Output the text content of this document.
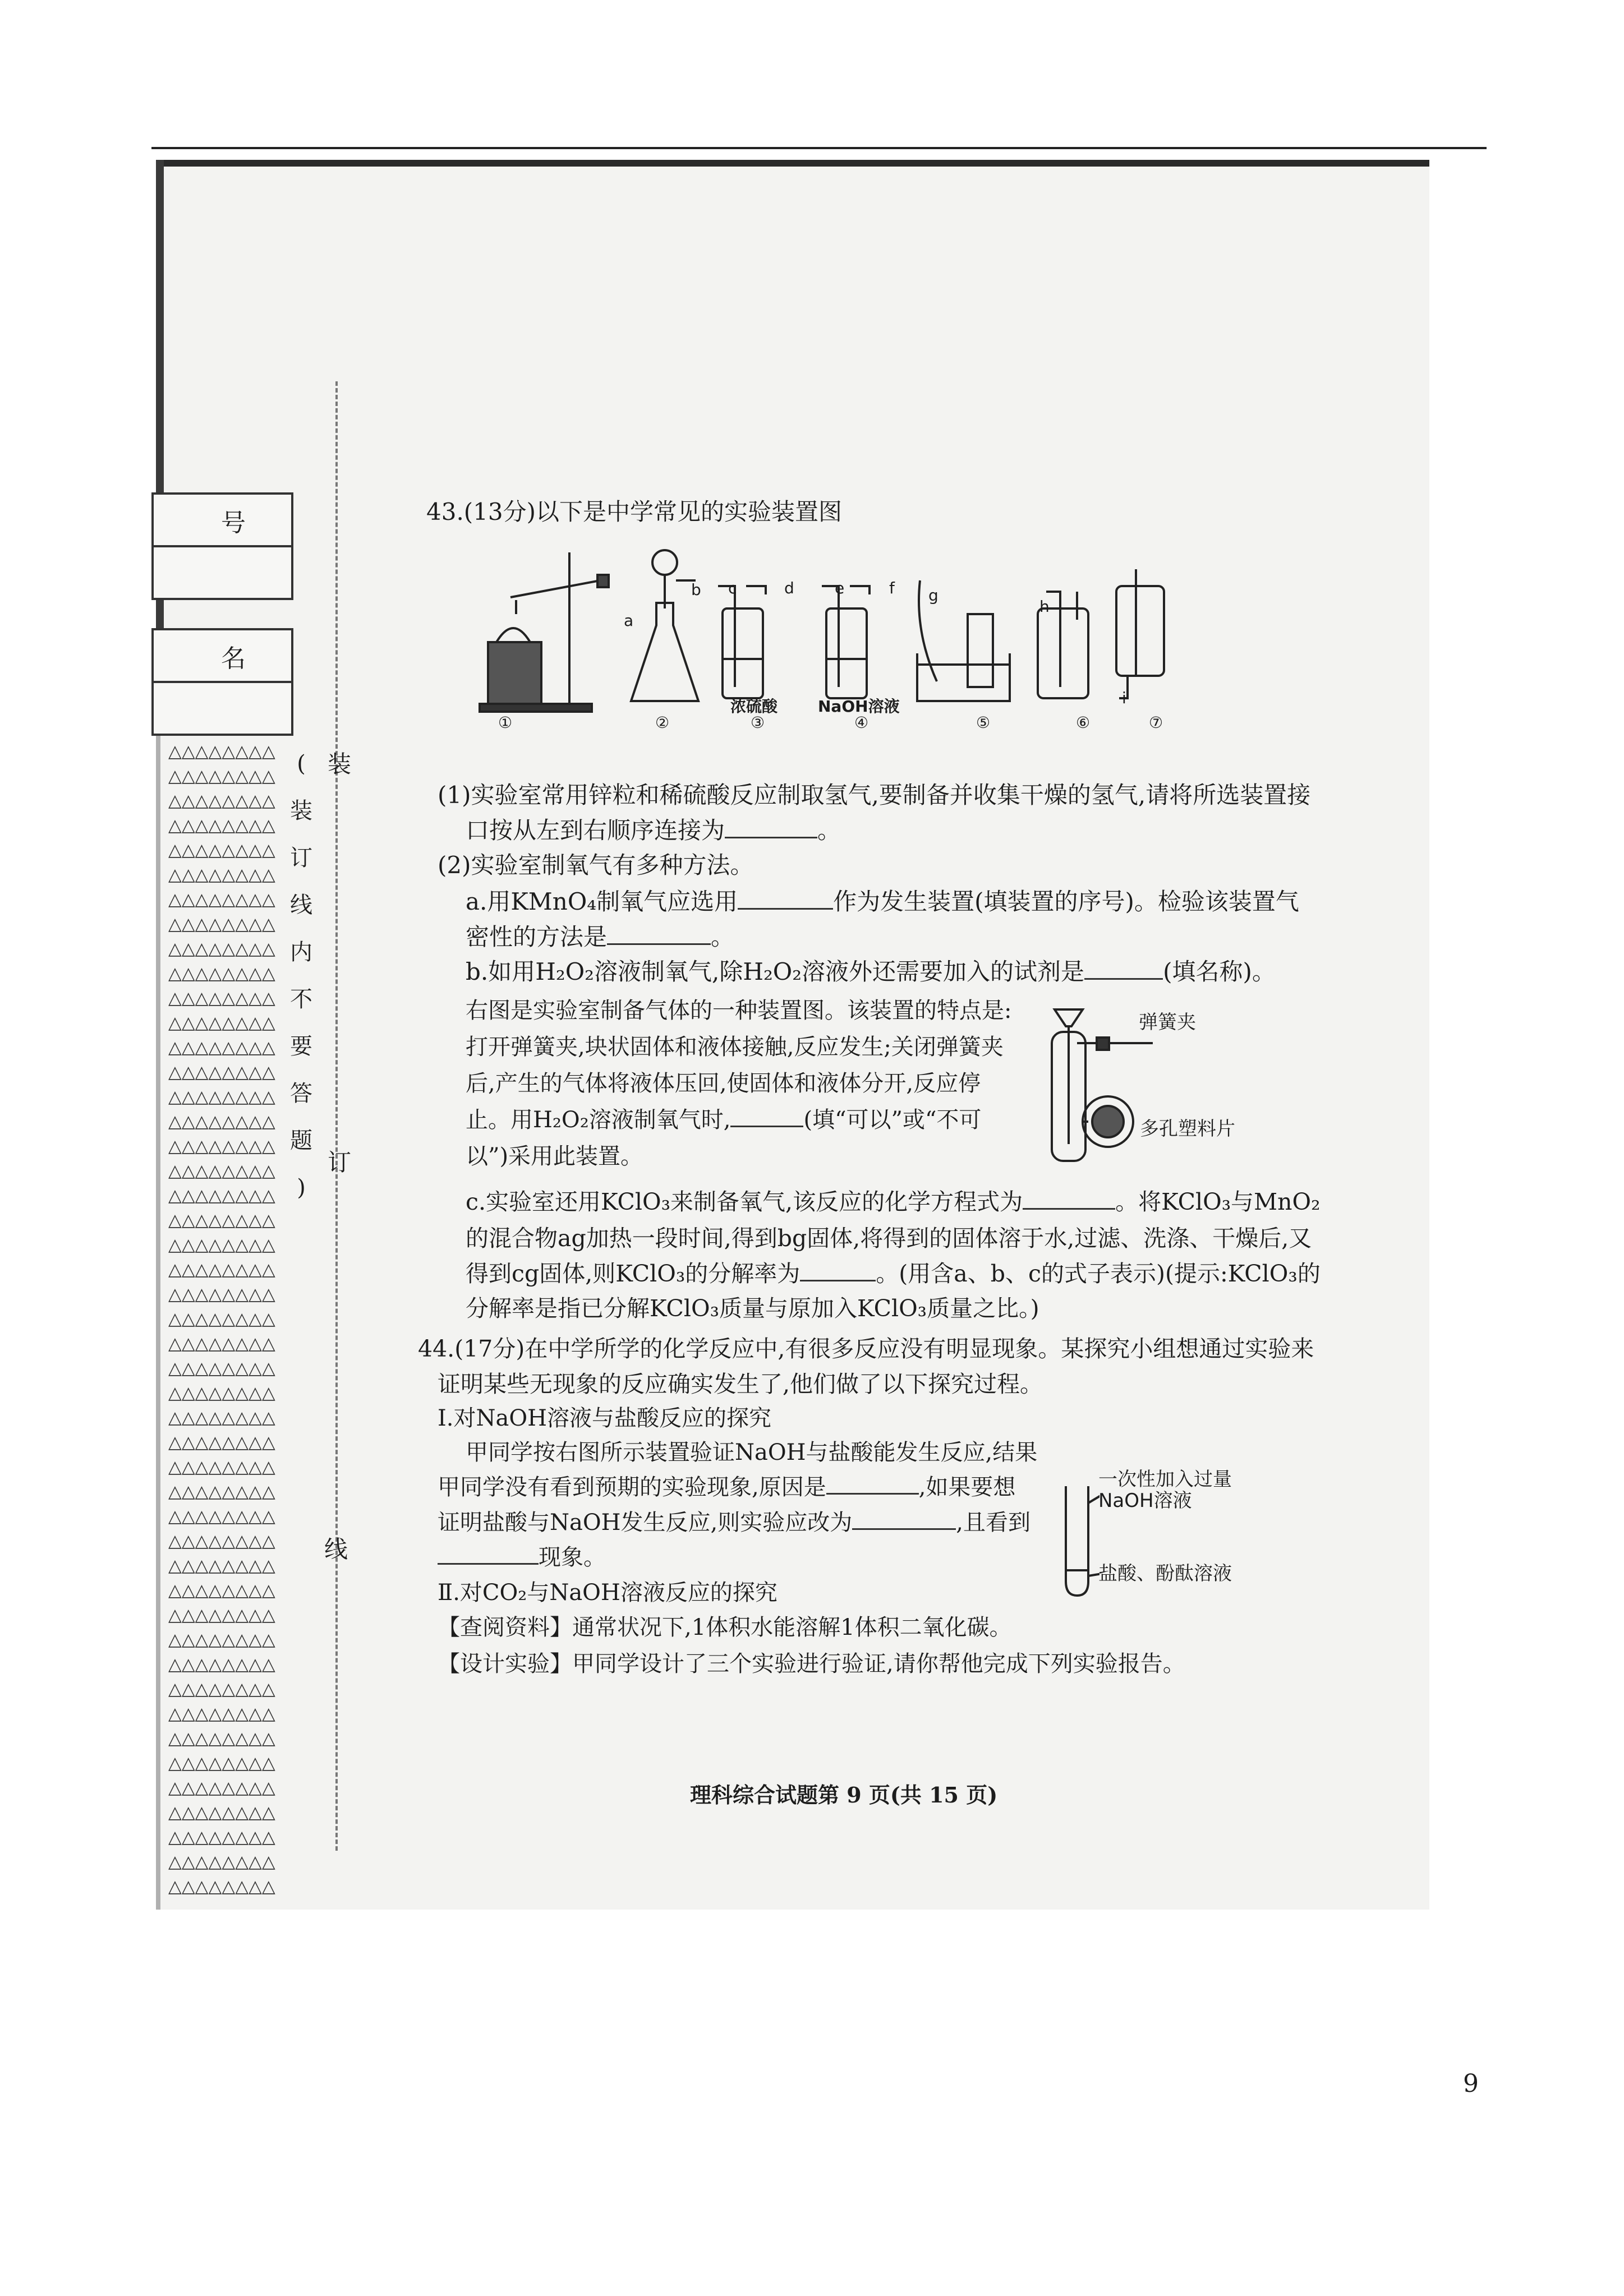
号
名
△△△△△△△△
△△△△△△△△
△△△△△△△△
△△△△△△△△
△△△△△△△△
△△△△△△△△
△△△△△△△△
△△△△△△△△
△△△△△△△△
△△△△△△△△
△△△△△△△△
△△△△△△△△
△△△△△△△△
△△△△△△△△
△△△△△△△△
△△△△△△△△
△△△△△△△△
△△△△△△△△
△△△△△△△△
△△△△△△△△
△△△△△△△△
△△△△△△△△
△△△△△△△△
△△△△△△△△
△△△△△△△△
△△△△△△△△
△△△△△△△△
△△△△△△△△
△△△△△△△△
△△△△△△△△
△△△△△△△△
△△△△△△△△
△△△△△△△△
△△△△△△△△
△△△△△△△△
△△△△△△△△
△△△△△△△△
△△△△△△△△
△△△△△△△△
△△△△△△△△
△△△△△△△△
△△△△△△△△
△△△△△△△△
△△△△△△△△
△△△△△△△△
△△△△△△△△
△△△△△△△△
(
装
订
线
内
不
要
答
题
)
装
订
线
a
b c	d	e	f g
h
i
浓硫酸	NaOH溶液
①	②	③	④	⑤	⑥	⑦
弹簧夹
多孔塑料片
一次性加入过量
NaOH溶液
盐酸、酚酞溶液
43.(13分)以下是中学常见的实验装置图
(1)实验室常用锌粒和稀硫酸反应制取氢气,要制备并收集干燥的氢气,请将所选装置接
口按从左到右顺序连接为	。
(2)实验室制氧气有多种方法。
a.用KMnO₄制氧气应选用	作为发生装置(填装置的序号)。检验该装置气
密性的方法是	。
b.如用H₂O₂溶液制氧气,除H₂O₂溶液外还需要加入的试剂是	(填名称)。
右图是实验室制备气体的一种装置图。该装置的特点是:
打开弹簧夹,块状固体和液体接触,反应发生;关闭弹簧夹
后,产生的气体将液体压回,使固体和液体分开,反应停
止。用H₂O₂溶液制氧气时,	(填“可以”或“不可
以”)采用此装置。
c.实验室还用KClO₃来制备氧气,该反应的化学方程式为	。将KClO₃与MnO₂
的混合物ag加热一段时间,得到bg固体,将得到的固体溶于水,过滤、洗涤、干燥后,又
得到cg固体,则KClO₃的分解率为	。(用含a、b、c的式子表示)(提示:KClO₃的
分解率是指已分解KClO₃质量与原加入KClO₃质量之比。)
44.(17分)在中学所学的化学反应中,有很多反应没有明显现象。某探究小组想通过实验来
证明某些无现象的反应确实发生了,他们做了以下探究过程。
Ⅰ.对NaOH溶液与盐酸反应的探究
甲同学按右图所示装置验证NaOH与盐酸能发生反应,结果
甲同学没有看到预期的实验现象,原因是	,如果要想
证明盐酸与NaOH发生反应,则实验应改为	,且看到
现象。
Ⅱ.对CO₂与NaOH溶液反应的探究
【查阅资料】通常状况下,1体积水能溶解1体积二氧化碳。
【设计实验】甲同学设计了三个实验进行验证,请你帮他完成下列实验报告。
理科综合试题第 9 页(共 15 页)
9
